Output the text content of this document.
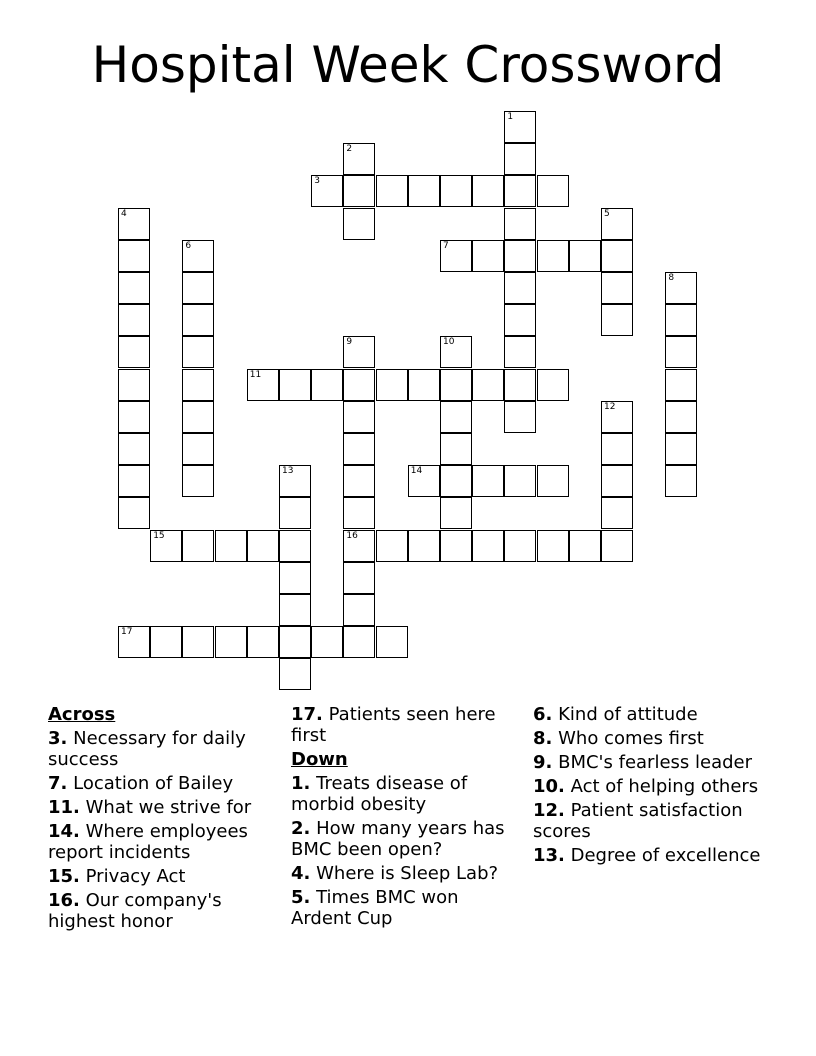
Hospital Week Crossword
1
2
3
4	5
6	7
8
9
16
10
11
12
13	14
15
17
Across
3. Necessary for daily success
7. Location of Bailey
11. What we strive for
14. Where employees report incidents
15. Privacy Act
16. Our company's highest honor
17. Patients seen here first
Down
1. Treats disease of morbid obesity
2. How many years has BMC been open?
4. Where is Sleep Lab?
5. Times BMC won Ardent Cup
6. Kind of attitude
8. Who comes first
9. BMC's fearless leader
10. Act of helping others
12. Patient satisfaction scores
13. Degree of excellence
